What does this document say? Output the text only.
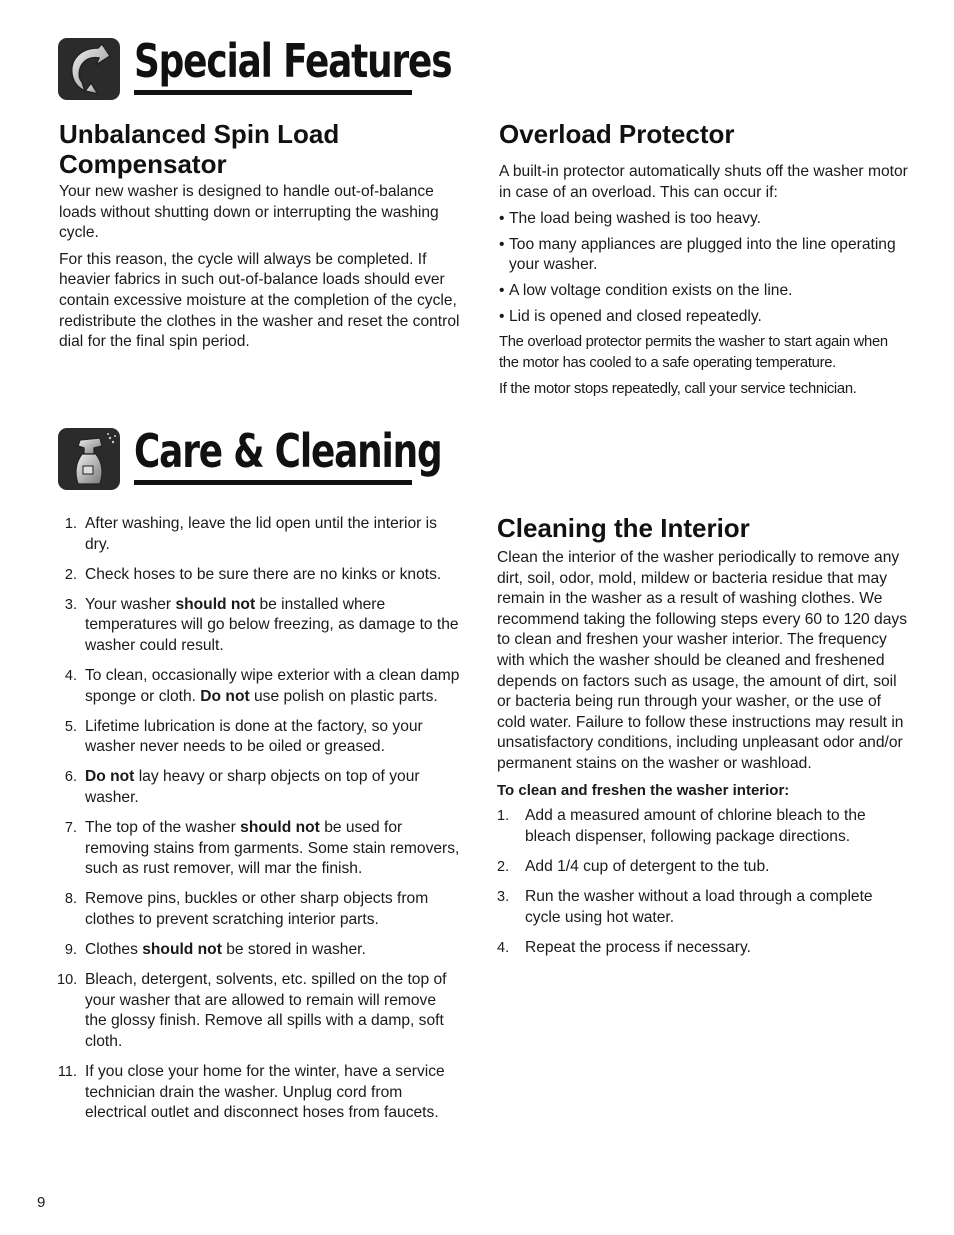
Special Features
Unbalanced Spin Load
Compensator

Your new washer is designed to handle out-of-balance loads without shutting down or interrupting the washing cycle.

For this reason, the cycle will always be completed. If heavier fabrics in such out-of-balance loads should ever contain excessive moisture at the completion of the cycle, redistribute the clothes in the washer and reset the control dial for the final spin period.

Overload Protector

A built-in protector automatically shuts off the washer motor in case of an overload. This can occur if:

• The load being washed is too heavy.
• Too many appliances are plugged into the line operating your washer.
• A low voltage condition exists on the line.
• Lid is opened and closed repeatedly.

The overload protector permits the washer to start again when the motor has cooled to a safe operating temperature.

If the motor stops repeatedly, call your service technician.

Care & Cleaning
1. After washing, leave the lid open until the interior is dry.
2. Check hoses to be sure there are no kinks or knots.
3. Your washer should not be installed where temperatures will go below freezing, as damage to the washer could result.
4. To clean, occasionally wipe exterior with a clean damp sponge or cloth. Do not use polish on plastic parts.
5. Lifetime lubrication is done at the factory, so your washer never needs to be oiled or greased.
6. Do not lay heavy or sharp objects on top of your washer.
7. The top of the washer should not be used for removing stains from garments. Some stain removers, such as rust remover, will mar the finish.
8. Remove pins, buckles or other sharp objects from clothes to prevent scratching interior parts.
9. Clothes should not be stored in washer.
10. Bleach, detergent, solvents, etc. spilled on the top of your washer that are allowed to remain will remove the glossy finish. Remove all spills with a damp, soft cloth.
11. If you close your home for the winter, have a service technician drain the washer. Unplug cord from electrical outlet and disconnect hoses from faucets.
Cleaning the Interior

Clean the interior of the washer periodically to remove any dirt, soil, odor, mold, mildew or bacteria residue that may remain in the washer as a result of washing clothes. We recommend taking the following steps every 60 to 120 days to clean and freshen your washer interior. The frequency with which the washer should be cleaned and freshened depends on factors such as usage, the amount of dirt, soil or bacteria being run through your washer, or the use of cold water. Failure to follow these instructions may result in unsatisfactory conditions, including unpleasant odor and/or permanent stains on the washer or washload.

To clean and freshen the washer interior:
1. Add a measured amount of chlorine bleach to the bleach dispenser, following package directions.
2. Add 1/4 cup of detergent to the tub.
3. Run the washer without a load through a complete cycle using hot water.
4. Repeat the process if necessary.
9
